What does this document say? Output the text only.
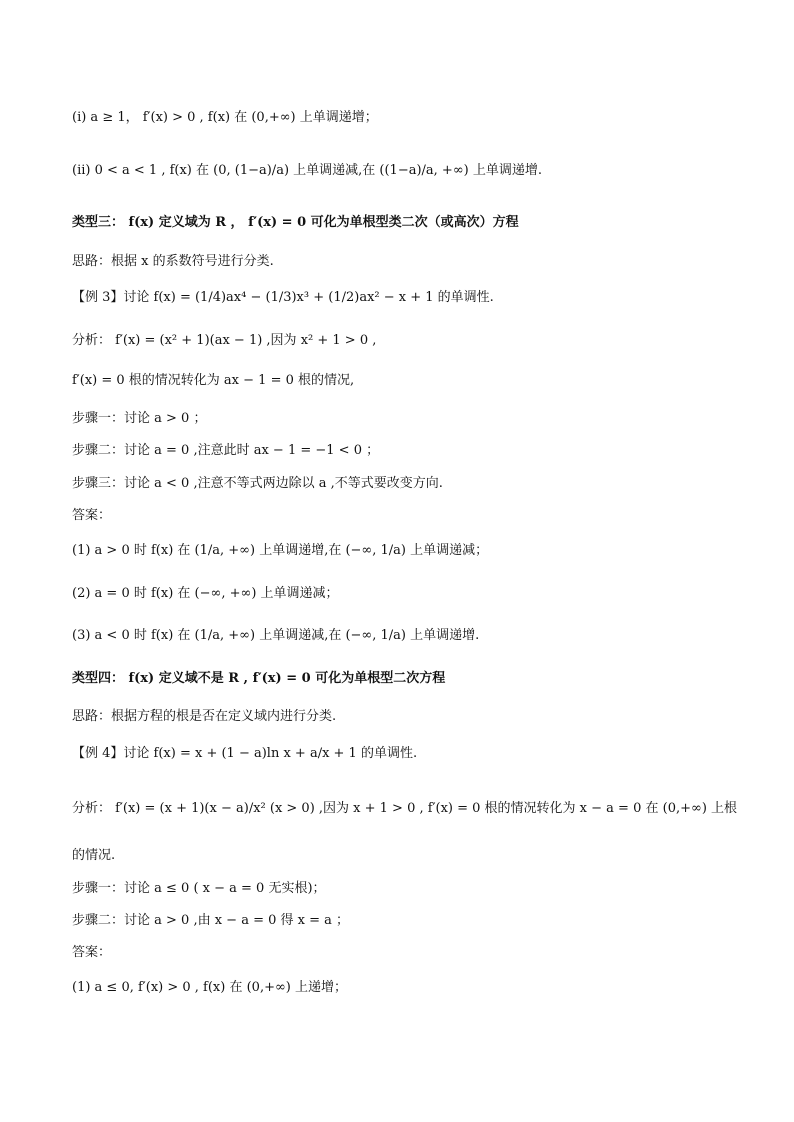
(i) a ≥ 1， f′(x) > 0 , f(x) 在 (0,+∞) 上单调递增；
(ii) 0 < a < 1 , f(x) 在 (0, (1−a)/a) 上单调递减,在 ((1−a)/a, +∞) 上单调递增.
类型三： f(x) 定义域为 R ， f′(x) = 0 可化为单根型类二次（或高次）方程
思路：根据 x 的系数符号进行分类.
【例 3】讨论 f(x) = (1/4)ax⁴ − (1/3)x³ + (1/2)ax² − x + 1 的单调性.
分析： f′(x) = (x² + 1)(ax − 1) ,因为 x² + 1 > 0 ,
f′(x) = 0 根的情况转化为 ax − 1 = 0 根的情况,
步骤一：讨论 a > 0 ；
步骤二：讨论 a = 0 ,注意此时 ax − 1 = −1 < 0 ；
步骤三：讨论 a < 0 ,注意不等式两边除以 a ,不等式要改变方向.
答案：
(1) a > 0 时 f(x) 在 (1/a, +∞) 上单调递增,在 (−∞, 1/a) 上单调递减；
(2) a = 0 时 f(x) 在 (−∞, +∞) 上单调递减；
(3) a < 0 时 f(x) 在 (1/a, +∞) 上单调递减,在 (−∞, 1/a) 上单调递增.
类型四： f(x) 定义域不是 R , f′(x) = 0 可化为单根型二次方程
思路：根据方程的根是否在定义域内进行分类.
【例 4】讨论 f(x) = x + (1 − a)ln x + a/x + 1 的单调性.
分析： f′(x) = (x + 1)(x − a)/x² (x > 0) ,因为 x + 1 > 0 , f′(x) = 0 根的情况转化为 x − a = 0 在 (0,+∞) 上根
的情况.
步骤一：讨论 a ≤ 0 ( x − a = 0 无实根)；
步骤二：讨论 a > 0 ,由 x − a = 0 得 x = a ；
答案：
(1) a ≤ 0, f′(x) > 0 , f(x) 在 (0,+∞) 上递增；
